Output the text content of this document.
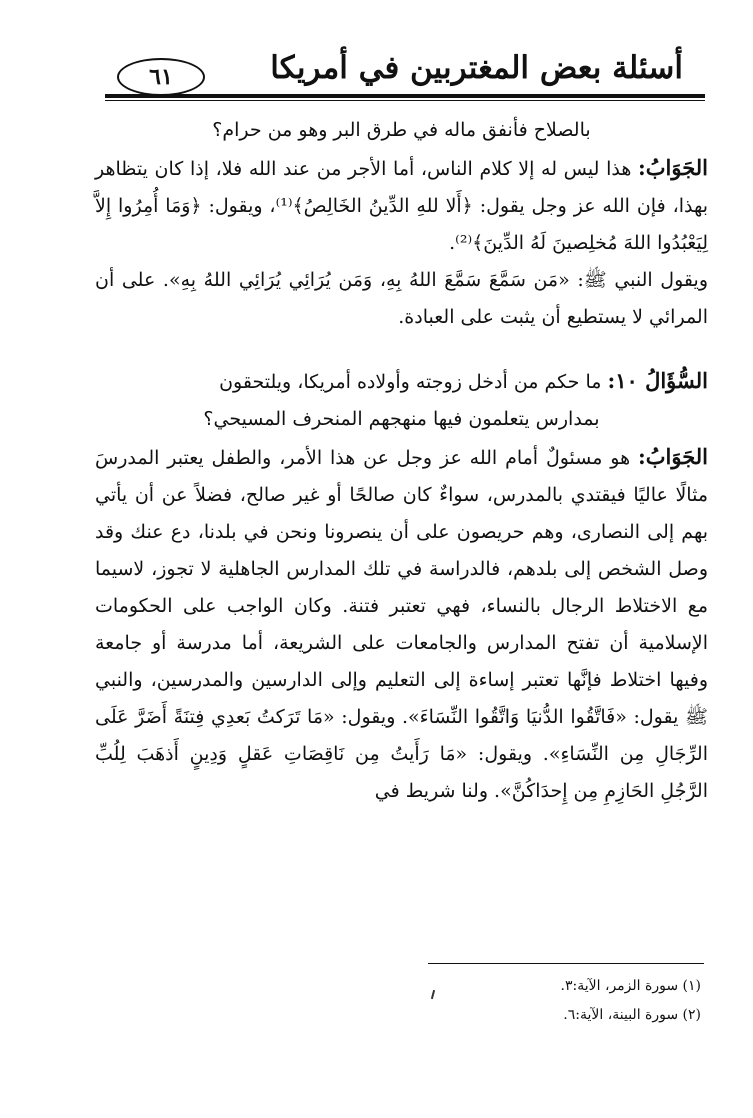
أسئلة بعض المغتربين في أمريكا
٦١

بالصلاح فأنفق ماله في طرق البر وهو من حرام؟

الجَوَابُ: هذا ليس له إلا كلام الناس، أما الأجر من عند الله فلا، إذا كان يتظاهر بهذا، فإن الله عز وجل يقول: ﴿أَلا للهِ الدِّينُ الخَالِصُ﴾⁽¹⁾، ويقول: ﴿وَمَا أُمِرُوا إِلاَّ لِيَعْبُدُوا اللهَ مُخلِصينَ لَهُ الدِّينَ﴾⁽²⁾.

ويقول النبي ﷺ: «مَن سَمَّعَ سَمَّعَ اللهُ بِهِ، وَمَن يُرَائِي يُرَائِي اللهُ بِهِ». على أن المرائي لا يستطيع أن يثبت على العبادة.

السُّؤَالُ ١٠: ما حكم من أدخل زوجته وأولاده أمريكا، ويلتحقون

بمدارس يتعلمون فيها منهجهم المنحرف المسيحي؟

الجَوَابُ: هو مسئولٌ أمام الله عز وجل عن هذا الأمر، والطفل يعتبر المدرسَ مثالًا عاليًا فيقتدي بالمدرس، سواءٌ كان صالحًا أو غير صالح، فضلاً عن أن يأتي بهم إلى النصارى، وهم حريصون على أن ينصرونا ونحن في بلدنا، دع عنك وقد وصل الشخص إلى بلدهم، فالدراسة في تلك المدارس الجاهلية لا تجوز، لاسيما مع الاختلاط الرجال بالنساء، فهي تعتبر فتنة. وكان الواجب على الحكومات الإسلامية أن تفتح المدارس والجامعات على الشريعة، أما مدرسة أو جامعة وفيها اختلاط فإنَّها تعتبر إساءة إلى التعليم وإلى الدارسين والمدرسين، والنبي ﷺ يقول: «فَاتَّقُوا الدُّنيَا وَاتَّقُوا النِّسَاءَ». ويقول: «مَا تَرَكتُ بَعدِي فِتنَةً أَضَرَّ عَلَى الرِّجَالِ مِن النِّسَاءِ». ويقول: «مَا رَأَيتُ مِن نَاقِصَاتِ عَقلٍ وَدِينٍ أَذهَبَ لِلُبِّ الرَّجُلِ الحَازِمِ مِن إِحدَاكُنَّ». ولنا شريط في

(١) سورة الزمر، الآية:٣.
(٢) سورة البينة، الآية:٦.
